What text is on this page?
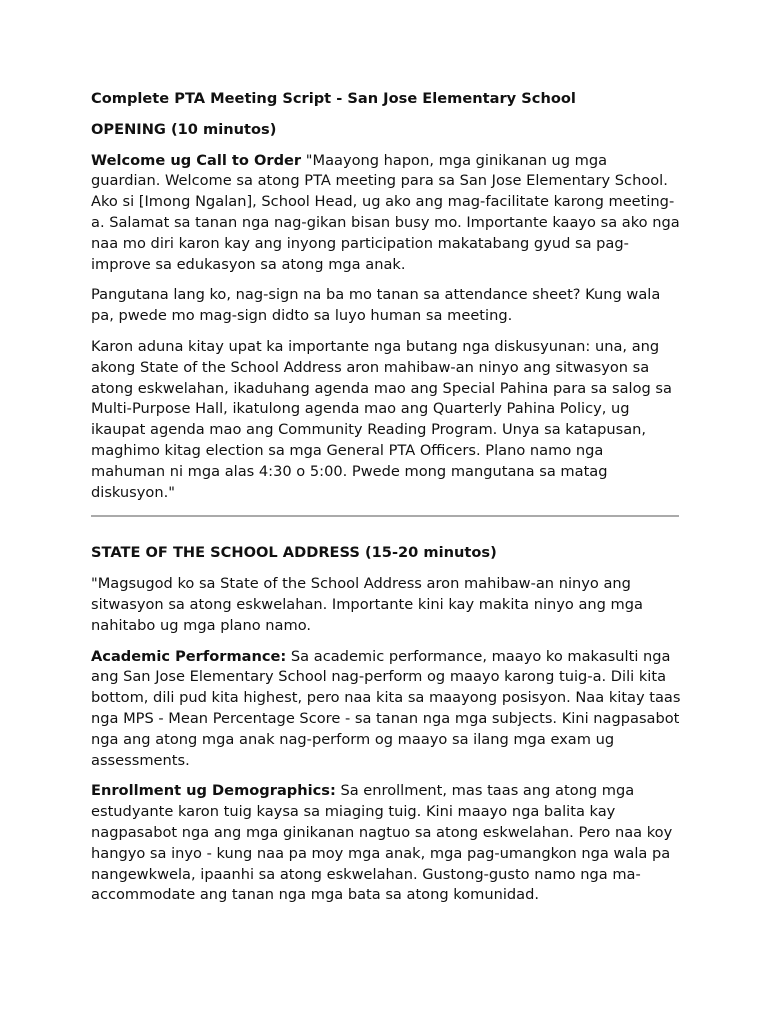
Complete PTA Meeting Script - San Jose Elementary School

OPENING (10 minutos)

Welcome ug Call to Order "Maayong hapon, mga ginikanan ug mga guardian. Welcome sa atong PTA meeting para sa San Jose Elementary School. Ako si [Imong Ngalan], School Head, ug ako ang mag-facilitate karong meeting-a. Salamat sa tanan nga nag-gikan bisan busy mo. Importante kaayo sa ako nga naa mo diri karon kay ang inyong participation makatabang gyud sa pag-improve sa edukasyon sa atong mga anak.

Pangutana lang ko, nag-sign na ba mo tanan sa attendance sheet? Kung wala pa, pwede mo mag-sign didto sa luyo human sa meeting.

Karon aduna kitay upat ka importante nga butang nga diskusyunan: una, ang akong State of the School Address aron mahibaw-an ninyo ang sitwasyon sa atong eskwelahan, ikaduhang agenda mao ang Special Pahina para sa salog sa Multi-Purpose Hall, ikatulong agenda mao ang Quarterly Pahina Policy, ug ikaupat agenda mao ang Community Reading Program. Unya sa katapusan, maghimo kitag election sa mga General PTA Officers. Plano namo nga mahuman ni mga alas 4:30 o 5:00. Pwede mong mangutana sa matag diskusyon."

STATE OF THE SCHOOL ADDRESS (15-20 minutos)

"Magsugod ko sa State of the School Address aron mahibaw-an ninyo ang sitwasyon sa atong eskwelahan. Importante kini kay makita ninyo ang mga nahitabo ug mga plano namo.

Academic Performance: Sa academic performance, maayo ko makasulti nga ang San Jose Elementary School nag-perform og maayo karong tuig-a. Dili kita bottom, dili pud kita highest, pero naa kita sa maayong posisyon. Naa kitay taas nga MPS - Mean Percentage Score - sa tanan nga mga subjects. Kini nagpasabot nga ang atong mga anak nag-perform og maayo sa ilang mga exam ug assessments.

Enrollment ug Demographics: Sa enrollment, mas taas ang atong mga estudyante karon tuig kaysa sa miaging tuig. Kini maayo nga balita kay nagpasabot nga ang mga ginikanan nagtuo sa atong eskwelahan. Pero naa koy hangyo sa inyo - kung naa pa moy mga anak, mga pag-umangkon nga wala pa nangewkwela, ipaanhi sa atong eskwelahan. Gustong-gusto namo nga ma-accommodate ang tanan nga mga bata sa atong komunidad.
